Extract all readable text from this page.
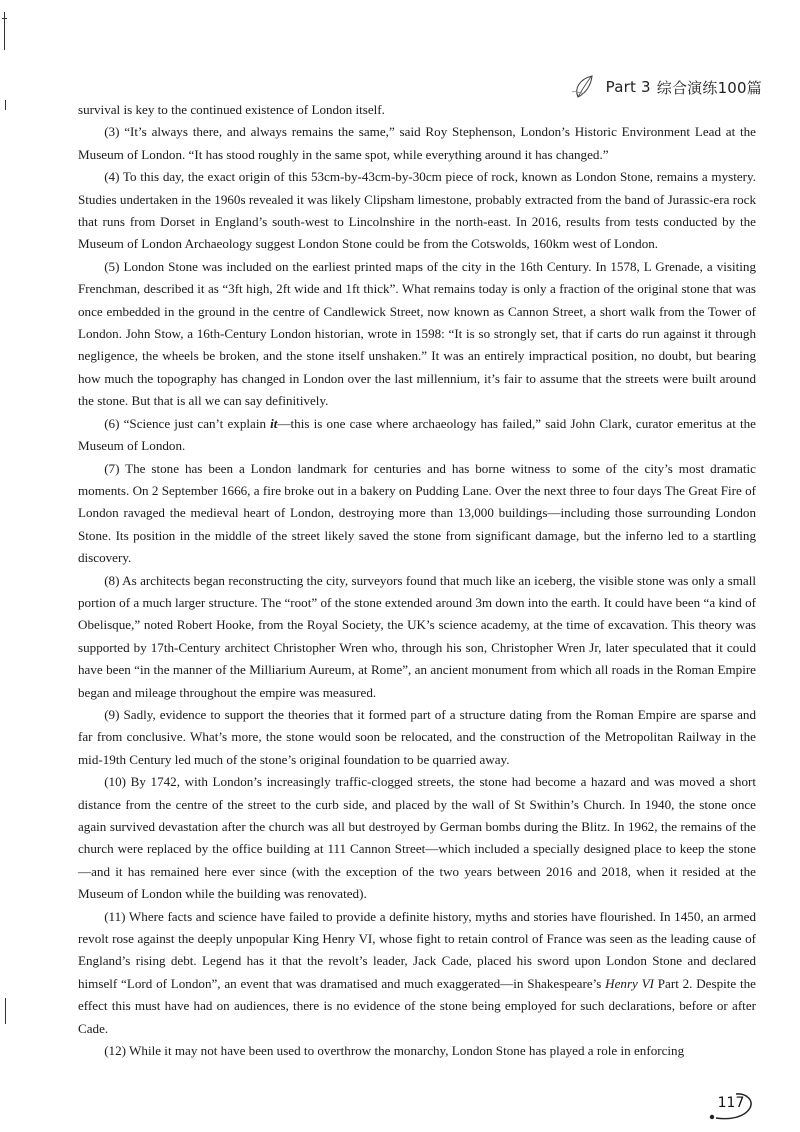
Part 3 综合演练100篇

survival is key to the continued existence of London itself.

(3) “It’s always there, and always remains the same,” said Roy Stephenson, London’s Historic Environment Lead at the Museum of London. “It has stood roughly in the same spot, while everything around it has changed.”

(4) To this day, the exact origin of this 53cm-by-43cm-by-30cm piece of rock, known as London Stone, remains a mystery. Studies undertaken in the 1960s revealed it was likely Clipsham limestone, probably extracted from the band of Jurassic-era rock that runs from Dorset in England’s south-west to Lincolnshire in the north-east. In 2016, results from tests conducted by the Museum of London Archaeology suggest London Stone could be from the Cotswolds, 160km west of London.

(5) London Stone was included on the earliest printed maps of the city in the 16th Century. In 1578, L Grenade, a visiting Frenchman, described it as “3ft high, 2ft wide and 1ft thick”. What remains today is only a fraction of the original stone that was once embedded in the ground in the centre of Candlewick Street, now known as Cannon Street, a short walk from the Tower of London. John Stow, a 16th-Century London historian, wrote in 1598: “It is so strongly set, that if carts do run against it through negligence, the wheels be broken, and the stone itself unshaken.” It was an entirely impractical position, no doubt, but bearing how much the topography has changed in London over the last millennium, it’s fair to assume that the streets were built around the stone. But that is all we can say definitively.

(6) “Science just can’t explain it—this is one case where archaeology has failed,” said John Clark, curator emeritus at the Museum of London.

(7) The stone has been a London landmark for centuries and has borne witness to some of the city’s most dramatic moments. On 2 September 1666, a fire broke out in a bakery on Pudding Lane. Over the next three to four days The Great Fire of London ravaged the medieval heart of London, destroying more than 13,000 buildings—including those surrounding London Stone. Its position in the middle of the street likely saved the stone from significant damage, but the inferno led to a startling discovery.

(8) As architects began reconstructing the city, surveyors found that much like an iceberg, the visible stone was only a small portion of a much larger structure. The “root” of the stone extended around 3m down into the earth. It could have been “a kind of Obelisque,” noted Robert Hooke, from the Royal Society, the UK’s science academy, at the time of excavation. This theory was supported by 17th-Century architect Christopher Wren who, through his son, Christopher Wren Jr, later speculated that it could have been “in the manner of the Milliarium Aureum, at Rome”, an ancient monument from which all roads in the Roman Empire began and mileage throughout the empire was measured.

(9) Sadly, evidence to support the theories that it formed part of a structure dating from the Roman Empire are sparse and far from conclusive. What’s more, the stone would soon be relocated, and the construction of the Metropolitan Railway in the mid-19th Century led much of the stone’s original foundation to be quarried away.

(10) By 1742, with London’s increasingly traffic-clogged streets, the stone had become a hazard and was moved a short distance from the centre of the street to the curb side, and placed by the wall of St Swithin’s Church. In 1940, the stone once again survived devastation after the church was all but destroyed by German bombs during the Blitz. In 1962, the remains of the church were replaced by the office building at 111 Cannon Street—which included a specially designed place to keep the stone—and it has remained here ever since (with the exception of the two years between 2016 and 2018, when it resided at the Museum of London while the building was renovated).

(11) Where facts and science have failed to provide a definite history, myths and stories have flourished. In 1450, an armed revolt rose against the deeply unpopular King Henry VI, whose fight to retain control of France was seen as the leading cause of England’s rising debt. Legend has it that the revolt’s leader, Jack Cade, placed his sword upon London Stone and declared himself “Lord of London”, an event that was dramatised and much exaggerated—in Shakespeare’s Henry VI Part 2. Despite the effect this must have had on audiences, there is no evidence of the stone being employed for such declarations, before or after Cade.

(12) While it may not have been used to overthrow the monarchy, London Stone has played a role in enforcing

117
